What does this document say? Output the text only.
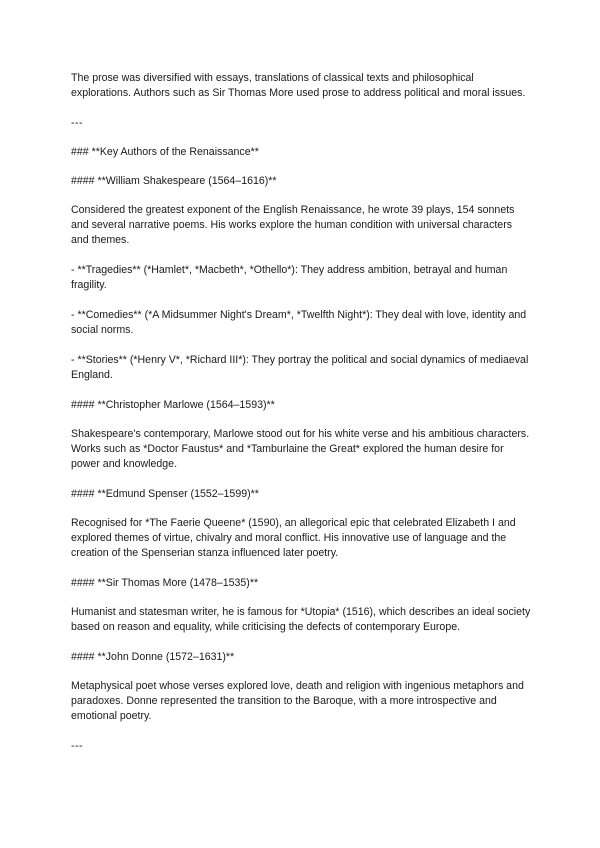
The prose was diversified with essays, translations of classical texts and philosophical explorations. Authors such as Sir Thomas More used prose to address political and moral issues.

---

### **Key Authors of the Renaissance**

#### **William Shakespeare (1564–1616)**

Considered the greatest exponent of the English Renaissance, he wrote 39 plays, 154 sonnets and several narrative poems. His works explore the human condition with universal characters and themes.

- **Tragedies** (*Hamlet*, *Macbeth*, *Othello*): They address ambition, betrayal and human fragility.

- **Comedies** (*A Midsummer Night's Dream*, *Twelfth Night*): They deal with love, identity and social norms.

- **Stories** (*Henry V*, *Richard III*): They portray the political and social dynamics of mediaeval England.

#### **Christopher Marlowe (1564–1593)**

Shakespeare's contemporary, Marlowe stood out for his white verse and his ambitious characters. Works such as *Doctor Faustus* and *Tamburlaine the Great* explored the human desire for power and knowledge.

#### **Edmund Spenser (1552–1599)**

Recognised for *The Faerie Queene* (1590), an allegorical epic that celebrated Elizabeth I and explored themes of virtue, chivalry and moral conflict. His innovative use of language and the creation of the Spenserian stanza influenced later poetry.

#### **Sir Thomas More (1478–1535)**

Humanist and statesman writer, he is famous for *Utopia* (1516), which describes an ideal society based on reason and equality, while criticising the defects of contemporary Europe.

#### **John Donne (1572–1631)**

Metaphysical poet whose verses explored love, death and religion with ingenious metaphors and paradoxes. Donne represented the transition to the Baroque, with a more introspective and emotional poetry.

---
